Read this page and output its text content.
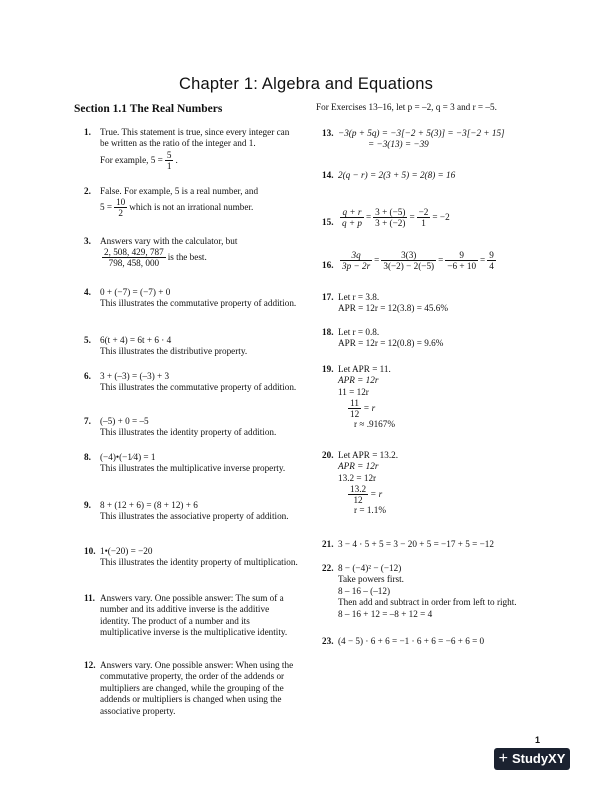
Chapter 1: Algebra and Equations
Section 1.1 The Real Numbers	For Exercises 13–16, let p = –2, q = 3 and r = –5.
1. True. This statement is true, since every integer can be written as the ratio of the integer and 1.

For example, $5 = \frac{5}{1}$ .
2. False. For example, 5 is a real number, and

$5 = \frac{10}{2}$ which is not an irrational number.
3. Answers vary with the calculator, but

$\frac{2, 508, 429, 787}{798, 458, 000}$ is the best.
4. 0 + (−7) = (−7) + 0

This illustrates the commutative property of addition.

5. 6(t + 4) = 6t + 6 · 4

This illustrates the distributive property.

6. 3 + (–3) = (–3) + 3

This illustrates the commutative property of addition.

7. (–5) + 0 = –5

This illustrates the identity property of addition.

8. (−4)•(−1⁄4) = 1

This illustrates the multiplicative inverse property.

9. 8 + (12 + 6) = (8 + 12) + 6

This illustrates the associative property of addition.

10. 1•(−20) = −20

This illustrates the identity property of multiplication.

11. Answers vary. One possible answer: The sum of a number and its additive inverse is the additive identity. The product of a number and its multiplicative inverse is the multiplicative identity.

12. Answers vary. One possible answer: When using the commutative property, the order of the addends or multipliers are changed, while the grouping of the addends or multipliers is changed when using the associative property.

13. −3(p + 5q) = −3[−2 + 5(3)] = −3[−2 + 15]

= −3(13) = −39

14. 2(q − r) = 2(3 + 5) = 2(8) = 16

15. $\frac{q + r}{q + p} = \frac{3 + (-5)}{3 + (-2)} = \frac{-2}{1} = -2$
16. $\frac{3q}{3p - 2r} = \frac{3(3)}{3(-2) - 2(-5)} = \frac{9}{-6 + 10} = \frac{9}{4}$
17. Let r = 3.8.

APR = 12r = 12(3.8) = 45.6%

18. Let r = 0.8.

APR = 12r = 12(0.8) = 9.6%

19. Let APR = 11.

APR = 12r

11 = 12r

$\frac{11}{12} = r$

r ≈ .9167%

20. Let APR = 13.2.

APR = 12r

13.2 = 12r

$\frac{13.2}{12} = r$

r = 1.1%

21. 3 − 4 · 5 + 5 = 3 − 20 + 5 = −17 + 5 = −12

22. 8 − (−4)² − (−12)

Take powers first.

8 – 16 – (–12)

Then add and subtract in order from left to right.

8 – 16 + 12 = –8 + 12 = 4

23. (4 − 5) · 6 + 6 = −1 · 6 + 6 = −6 + 6 = 0

1
+ StudyXY
